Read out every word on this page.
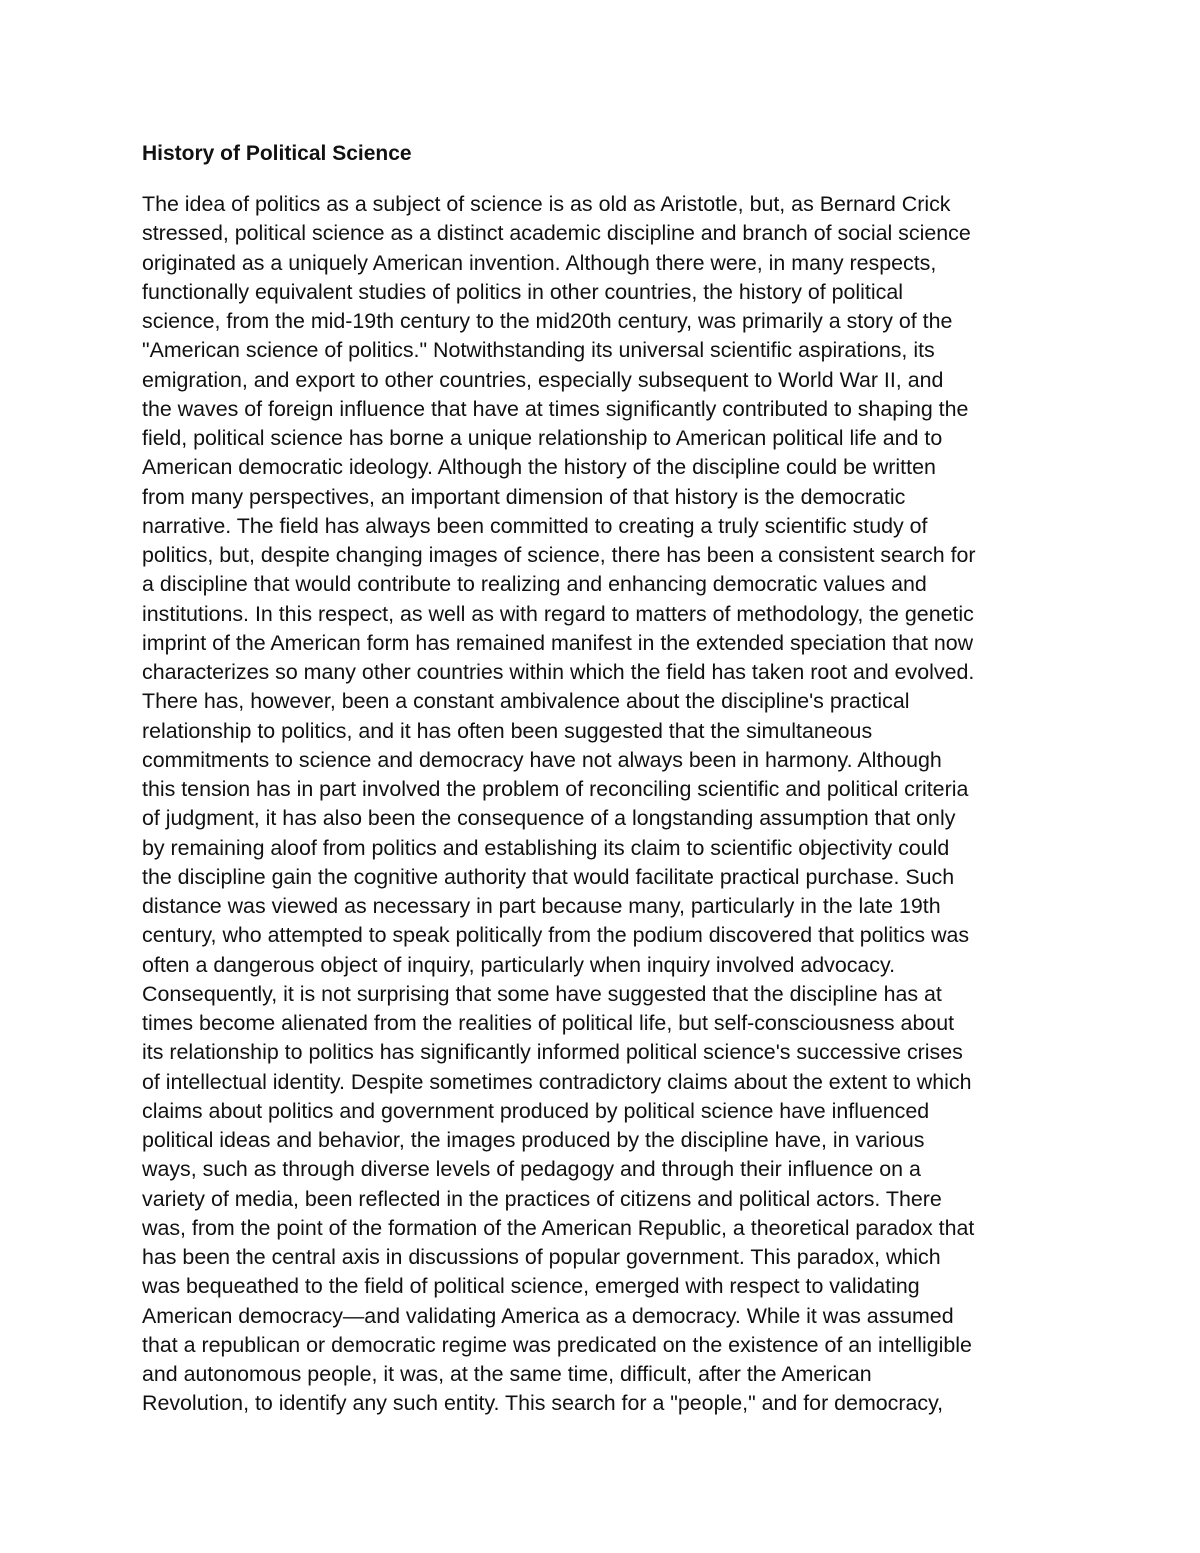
History of Political Science

The idea of politics as a subject of science is as old as Aristotle, but, as Bernard Crick
stressed, political science as a distinct academic discipline and branch of social science
originated as a uniquely American invention. Although there were, in many respects,
functionally equivalent studies of politics in other countries, the history of political
science, from the mid-19th century to the mid20th century, was primarily a story of the
"American science of politics." Notwithstanding its universal scientific aspirations, its
emigration, and export to other countries, especially subsequent to World War II, and
the waves of foreign influence that have at times significantly contributed to shaping the
field, political science has borne a unique relationship to American political life and to
American democratic ideology. Although the history of the discipline could be written
from many perspectives, an important dimension of that history is the democratic
narrative. The field has always been committed to creating a truly scientific study of
politics, but, despite changing images of science, there has been a consistent search for
a discipline that would contribute to realizing and enhancing democratic values and
institutions. In this respect, as well as with regard to matters of methodology, the genetic
imprint of the American form has remained manifest in the extended speciation that now
characterizes so many other countries within which the field has taken root and evolved.
There has, however, been a constant ambivalence about the discipline's practical
relationship to politics, and it has often been suggested that the simultaneous
commitments to science and democracy have not always been in harmony. Although
this tension has in part involved the problem of reconciling scientific and political criteria
of judgment, it has also been the consequence of a longstanding assumption that only
by remaining aloof from politics and establishing its claim to scientific objectivity could
the discipline gain the cognitive authority that would facilitate practical purchase. Such
distance was viewed as necessary in part because many, particularly in the late 19th
century, who attempted to speak politically from the podium discovered that politics was
often a dangerous object of inquiry, particularly when inquiry involved advocacy.
Consequently, it is not surprising that some have suggested that the discipline has at
times become alienated from the realities of political life, but self-consciousness about
its relationship to politics has significantly informed political science's successive crises
of intellectual identity. Despite sometimes contradictory claims about the extent to which
claims about politics and government produced by political science have influenced
political ideas and behavior, the images produced by the discipline have, in various
ways, such as through diverse levels of pedagogy and through their influence on a
variety of media, been reflected in the practices of citizens and political actors. There
was, from the point of the formation of the American Republic, a theoretical paradox that
has been the central axis in discussions of popular government. This paradox, which
was bequeathed to the field of political science, emerged with respect to validating
American democracy—and validating America as a democracy. While it was assumed
that a republican or democratic regime was predicated on the existence of an intelligible
and autonomous people, it was, at the same time, difficult, after the American
Revolution, to identify any such entity. This search for a "people," and for democracy,
